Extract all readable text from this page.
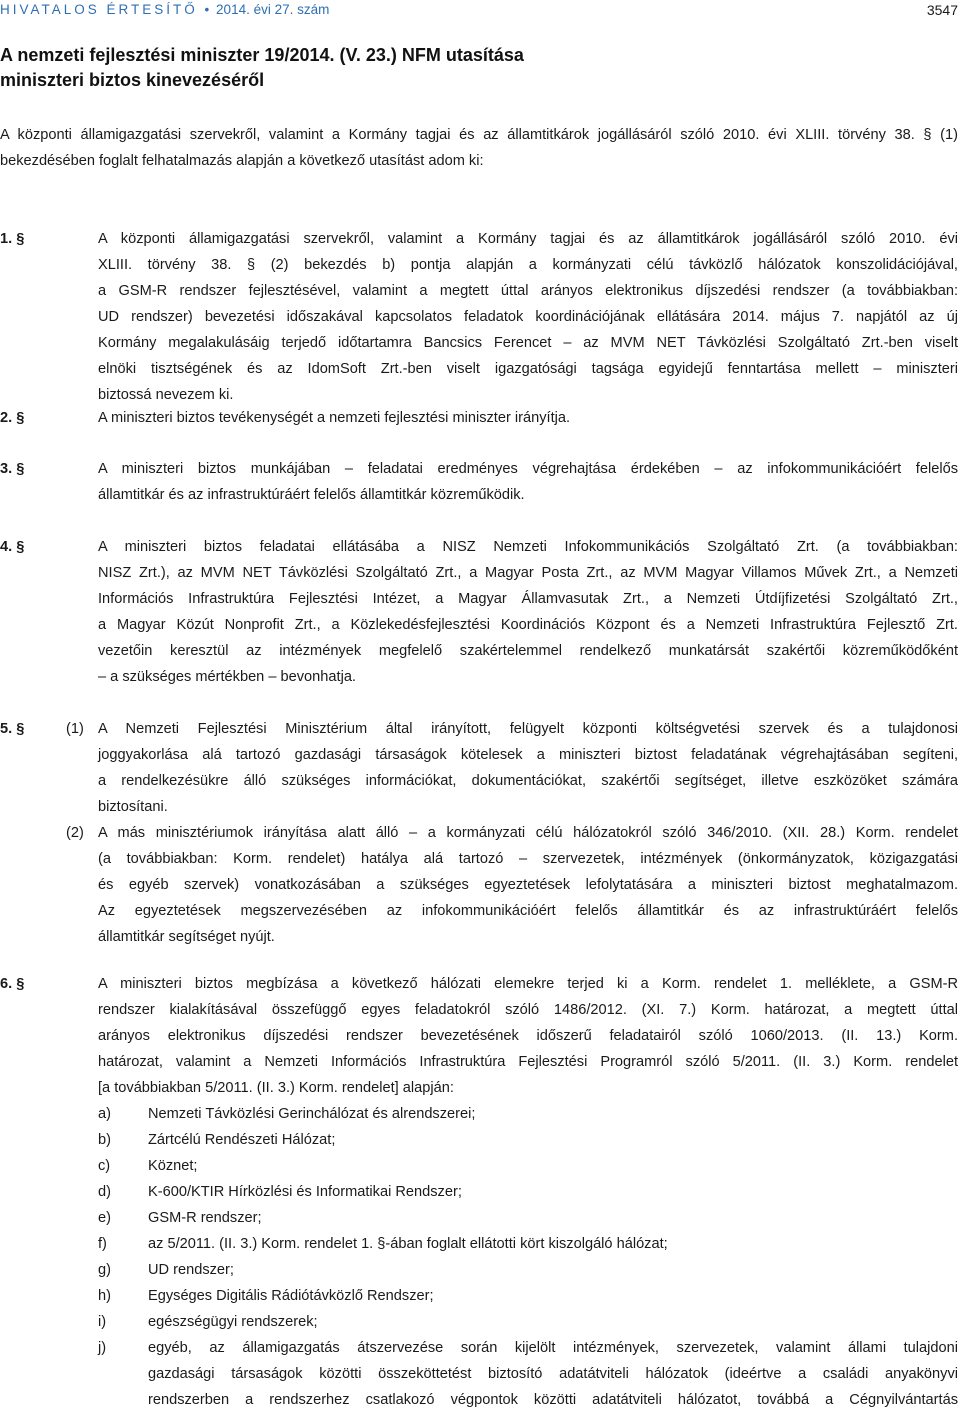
HIVATALOS ÉRTESÍTŐ • 2014. évi 27. szám	3547
A nemzeti fejlesztési miniszter 19/2014. (V. 23.) NFM utasítása
miniszteri biztos kinevezéséről
A központi államigazgatási szervekről, valamint a Kormány tagjai és az államtitkárok jogállásáról szóló 2010. évi XLIII. törvény 38. § (1) bekezdésében foglalt felhatalmazás alapján a következő utasítást adom ki:
1. §	A központi államigazgatási szervekről, valamint a Kormány tagjai és az államtitkárok jogállásáról szóló 2010. évi
XLIII. törvény 38. § (2) bekezdés b) pontja alapján a kormányzati célú távközlő hálózatok konszolidációjával,
a GSM-R rendszer fejlesztésével, valamint a megtett úttal arányos elektronikus díjszedési rendszer (a továbbiakban:
UD rendszer) bevezetési időszakával kapcsolatos feladatok koordinációjának ellátására 2014. május 7. napjától az új
Kormány megalakulásáig terjedő időtartamra Bancsics Ferencet – az MVM NET Távközlési Szolgáltató Zrt.-ben viselt
elnöki tisztségének és az IdomSoft Zrt.-ben viselt igazgatósági tagsága egyidejű fenntartása mellett – miniszteri
biztossá nevezem ki.
2. §	A miniszteri biztos tevékenységét a nemzeti fejlesztési miniszter irányítja.
3. §	A miniszteri biztos munkájában – feladatai eredményes végrehajtása érdekében – az infokommunikációért felelős
államtitkár és az infrastruktúráért felelős államtitkár közreműködik.
4. §	A miniszteri biztos feladatai ellátásába a NISZ Nemzeti Infokommunikációs Szolgáltató Zrt. (a továbbiakban:
NISZ Zrt.), az MVM NET Távközlési Szolgáltató Zrt., a Magyar Posta Zrt., az MVM Magyar Villamos Művek Zrt., a Nemzeti
Információs Infrastruktúra Fejlesztési Intézet, a Magyar Államvasutak Zrt., a Nemzeti Útdíjfizetési Szolgáltató Zrt.,
a Magyar Közút Nonprofit Zrt., a Közlekedésfejlesztési Koordinációs Központ és a Nemzeti Infrastruktúra Fejlesztő Zrt.
vezetőin keresztül az intézmények megfelelő szakértelemmel rendelkező munkatársát szakértői közreműködőként
– a szükséges mértékben – bevonhatja.
5. §	(1) A Nemzeti Fejlesztési Minisztérium által irányított, felügyelt központi költségvetési szervek és a tulajdonosi
joggyakorlása alá tartozó gazdasági társaságok kötelesek a miniszteri biztost feladatának végrehajtásában segíteni,
a rendelkezésükre álló szükséges információkat, dokumentációkat, szakértői segítséget, illetve eszközöket számára
biztosítani.
(2) A más minisztériumok irányítása alatt álló – a kormányzati célú hálózatokról szóló 346/2010. (XII. 28.) Korm. rendelet
(a továbbiakban: Korm. rendelet) hatálya alá tartozó – szervezetek, intézmények (önkormányzatok, közigazgatási
és egyéb szervek) vonatkozásában a szükséges egyeztetések lefolytatására a miniszteri biztost meghatalmazom.
Az egyeztetések megszervezésében az infokommunikációért felelős államtitkár és az infrastruktúráért felelős
államtitkár segítséget nyújt.
6. §	A miniszteri biztos megbízása a következő hálózati elemekre terjed ki a Korm. rendelet 1. melléklete, a GSM-R
rendszer kialakításával összefüggő egyes feladatokról szóló 1486/2012. (XI. 7.) Korm. határozat, a megtett úttal
arányos elektronikus díjszedési rendszer bevezetésének időszerű feladatairól szóló 1060/2013. (II. 13.) Korm.
határozat, valamint a Nemzeti Információs Infrastruktúra Fejlesztési Programról szóló 5/2011. (II. 3.) Korm. rendelet
[a továbbiakban 5/2011. (II. 3.) Korm. rendelet] alapján:
a)	Nemzeti Távközlési Gerinchálózat és alrendszerei;
b)	Zártcélú Rendészeti Hálózat;
c)	Köznet;
d)	K-600/KTIR Hírközlési és Informatikai Rendszer;
e)	GSM-R rendszer;
f)	az 5/2011. (II. 3.) Korm. rendelet 1. §-ában foglalt ellátotti kört kiszolgáló hálózat;
g)	UD rendszer;
h)	Egységes Digitális Rádiótávközlő Rendszer;
i)	egészségügyi rendszerek;
j)	egyéb, az államigazgatás átszervezése során kijelölt intézmények, szervezetek, valamint állami tulajdoni
gazdasági társaságok közötti összeköttetést biztosító adatátviteli hálózatok (ideértve a családi anyakönyvi
rendszerben a rendszerhez csatlakozó végpontok közötti adatátviteli hálózatot, továbbá a Cégnyilvántartás
